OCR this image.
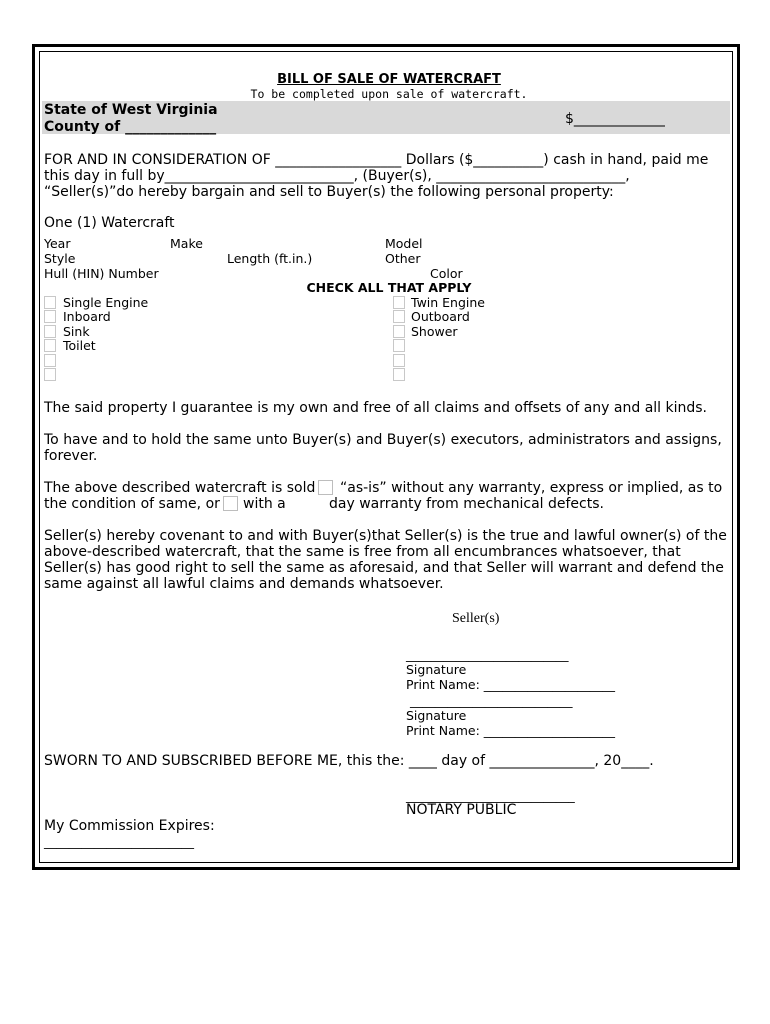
BILL OF SALE OF WATERCRAFT
To be completed upon sale of watercraft.
State of West Virginia
County of _____________	$_____________
FOR AND IN CONSIDERATION OF __________________ Dollars ($__________) cash in hand, paid me
this day in full by___________________________, (Buyer(s), ___________________________,
“Seller(s)”do hereby bargain and sell to Buyer(s) the following personal property:
One (1) Watercraft
Year	Make	Model
Style	Length (ft.in.)	Other
Hull (HIN) Number	Color
CHECK ALL THAT APPLY
Single Engine
Inboard
Sink
Toilet
Twin Engine
Outboard
Shower
The said property I guarantee is my own and free of all claims and offsets of any and all kinds.
To have and to hold the same unto Buyer(s) and Buyer(s) executors, administrators and assigns,
forever.
The above described watercraft is sold “as-is” without any warranty, express or implied, as to
the condition of same, or with a	day warranty from mechanical defects.
Seller(s) hereby covenant to and with Buyer(s)that Seller(s) is the true and lawful owner(s) of the
above-described watercraft, that the same is free from all encumbrances whatsoever, that
Seller(s) has good right to sell the same as aforesaid, and that Seller will warrant and defend the
same against all lawful claims and demands whatsoever.
Seller(s)
__________________________
Signature
Print Name: _____________________
__________________________
Signature
Print Name: _____________________
SWORN TO AND SUBSCRIBED BEFORE ME, this the: ____ day of _______________, 20____.
___________________________
NOTARY PUBLIC
My Commission Expires:
________________________
